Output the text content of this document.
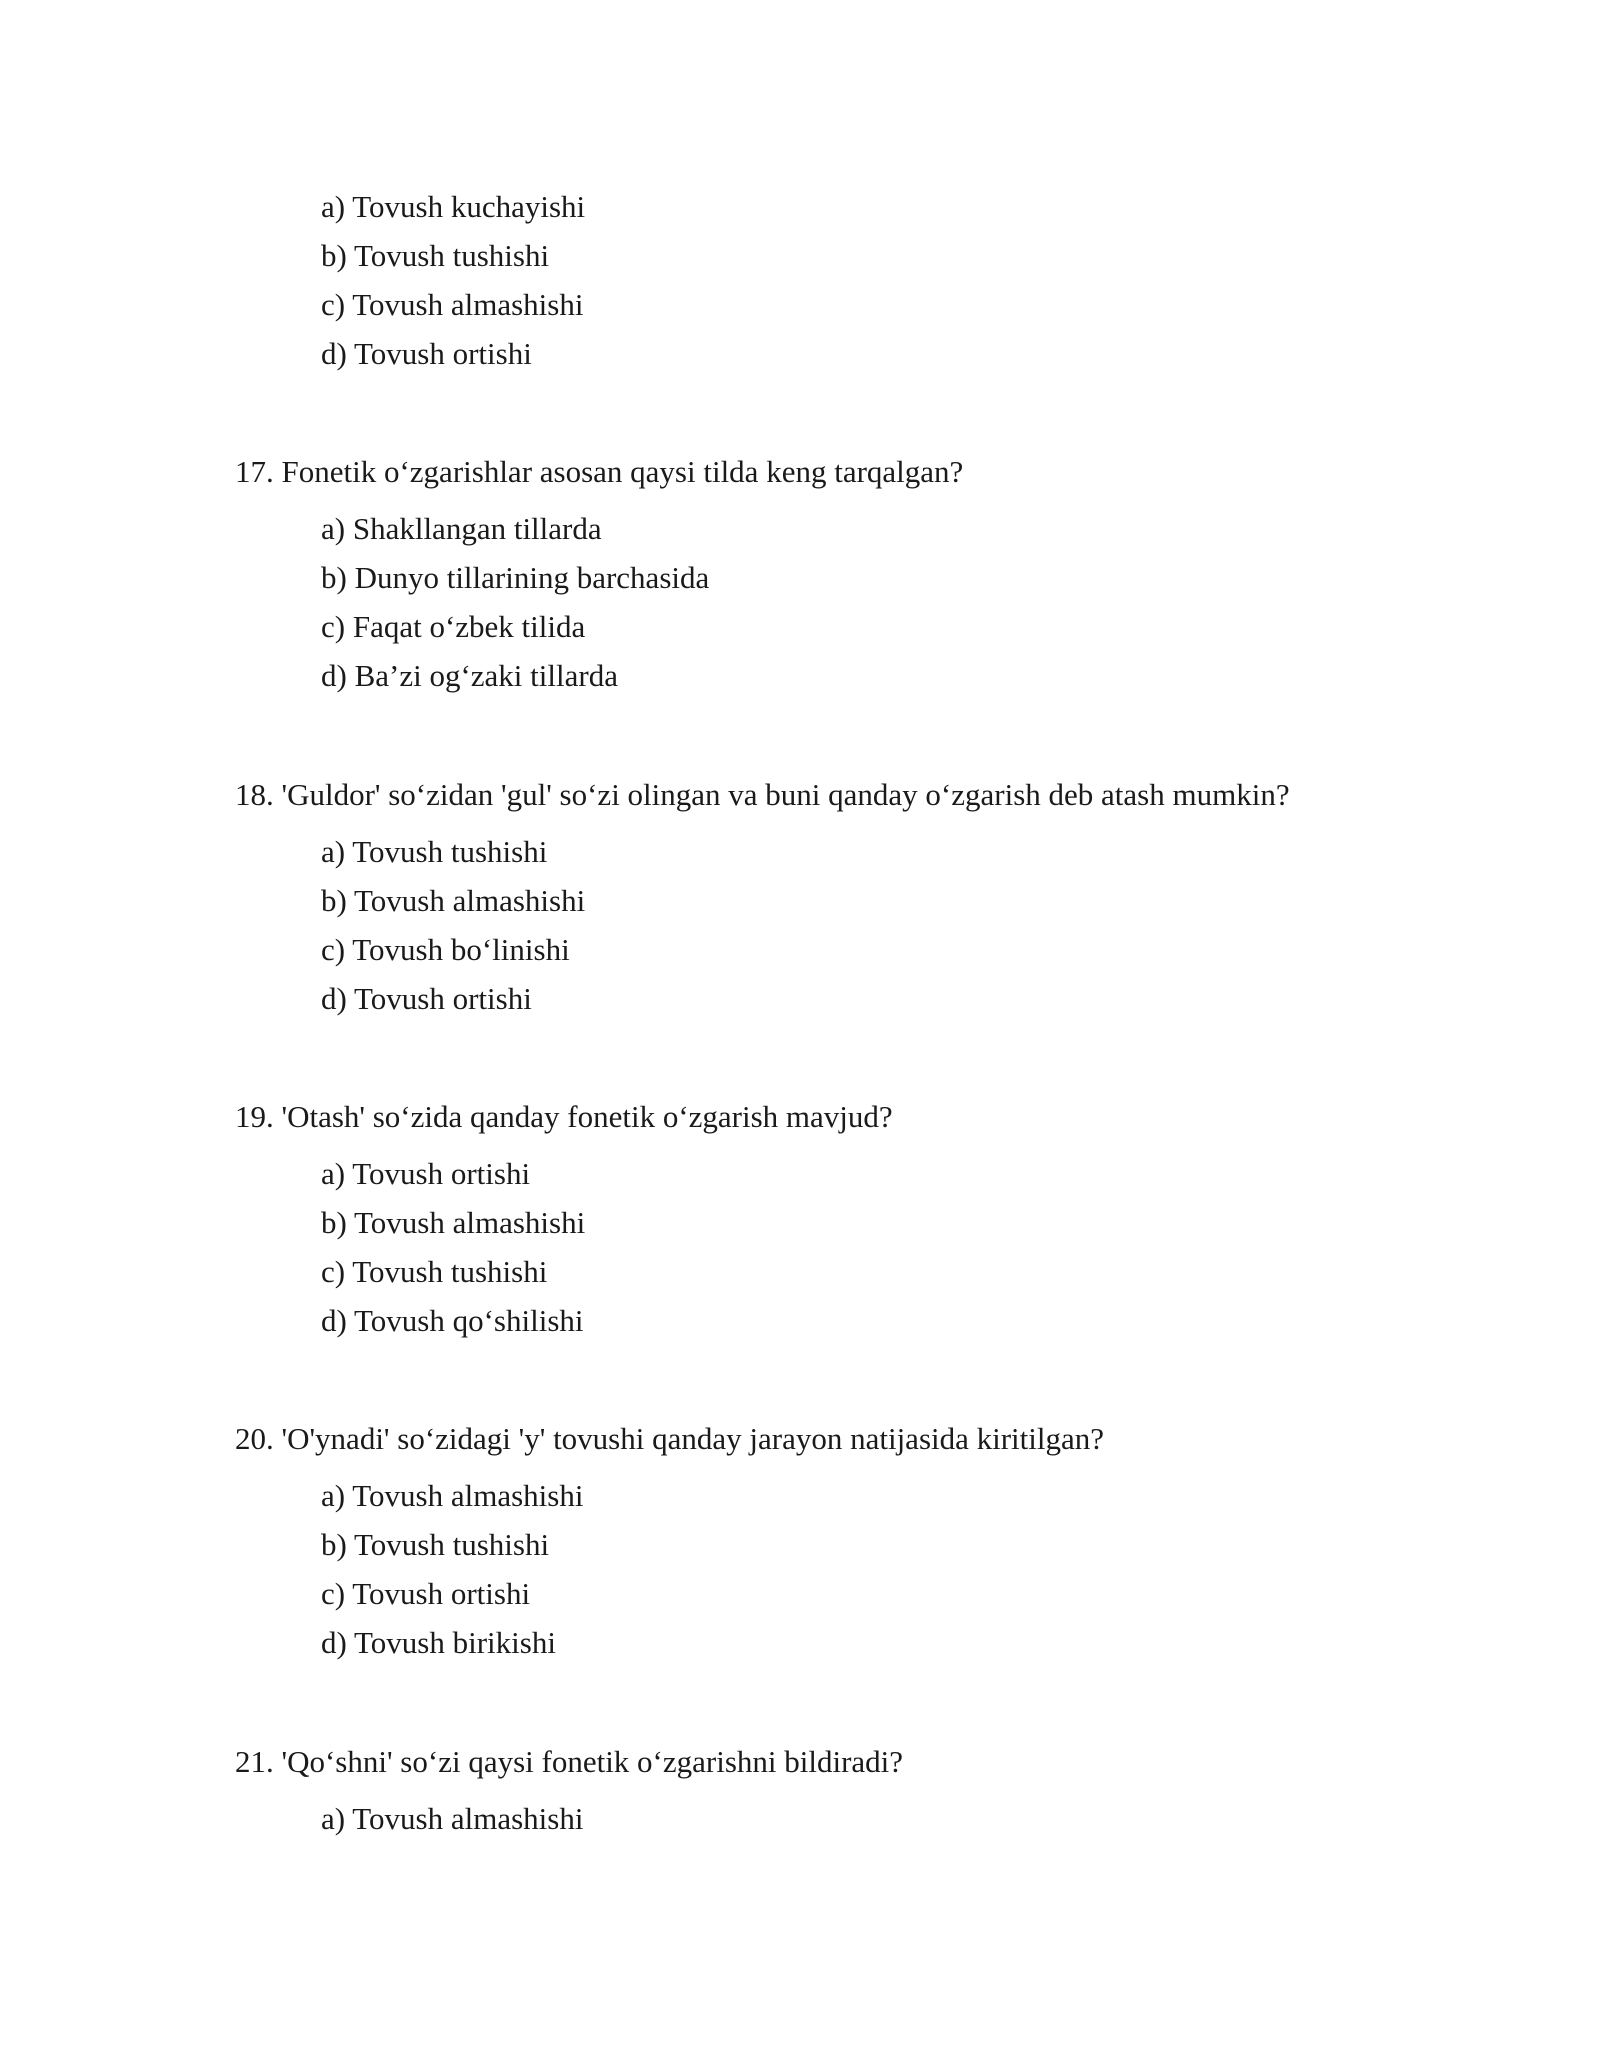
a) Tovush kuchayishi
b) Tovush tushishi
c) Tovush almashishi
d) Tovush ortishi
17. Fonetik o‘zgarishlar asosan qaysi tilda keng tarqalgan?
a) Shakllangan tillarda
b) Dunyo tillarining barchasida
c) Faqat o‘zbek tilida
d) Ba’zi og‘zaki tillarda
18. 'Guldor' so‘zidan 'gul' so‘zi olingan va buni qanday o‘zgarish deb atash mumkin?
a) Tovush tushishi
b) Tovush almashishi
c) Tovush bo‘linishi
d) Tovush ortishi
19. 'Otash' so‘zida qanday fonetik o‘zgarish mavjud?
a) Tovush ortishi
b) Tovush almashishi
c) Tovush tushishi
d) Tovush qo‘shilishi
20. 'O'ynadi' so‘zidagi 'y' tovushi qanday jarayon natijasida kiritilgan?
a) Tovush almashishi
b) Tovush tushishi
c) Tovush ortishi
d) Tovush birikishi
21. 'Qo‘shni' so‘zi qaysi fonetik o‘zgarishni bildiradi?
a) Tovush almashishi
